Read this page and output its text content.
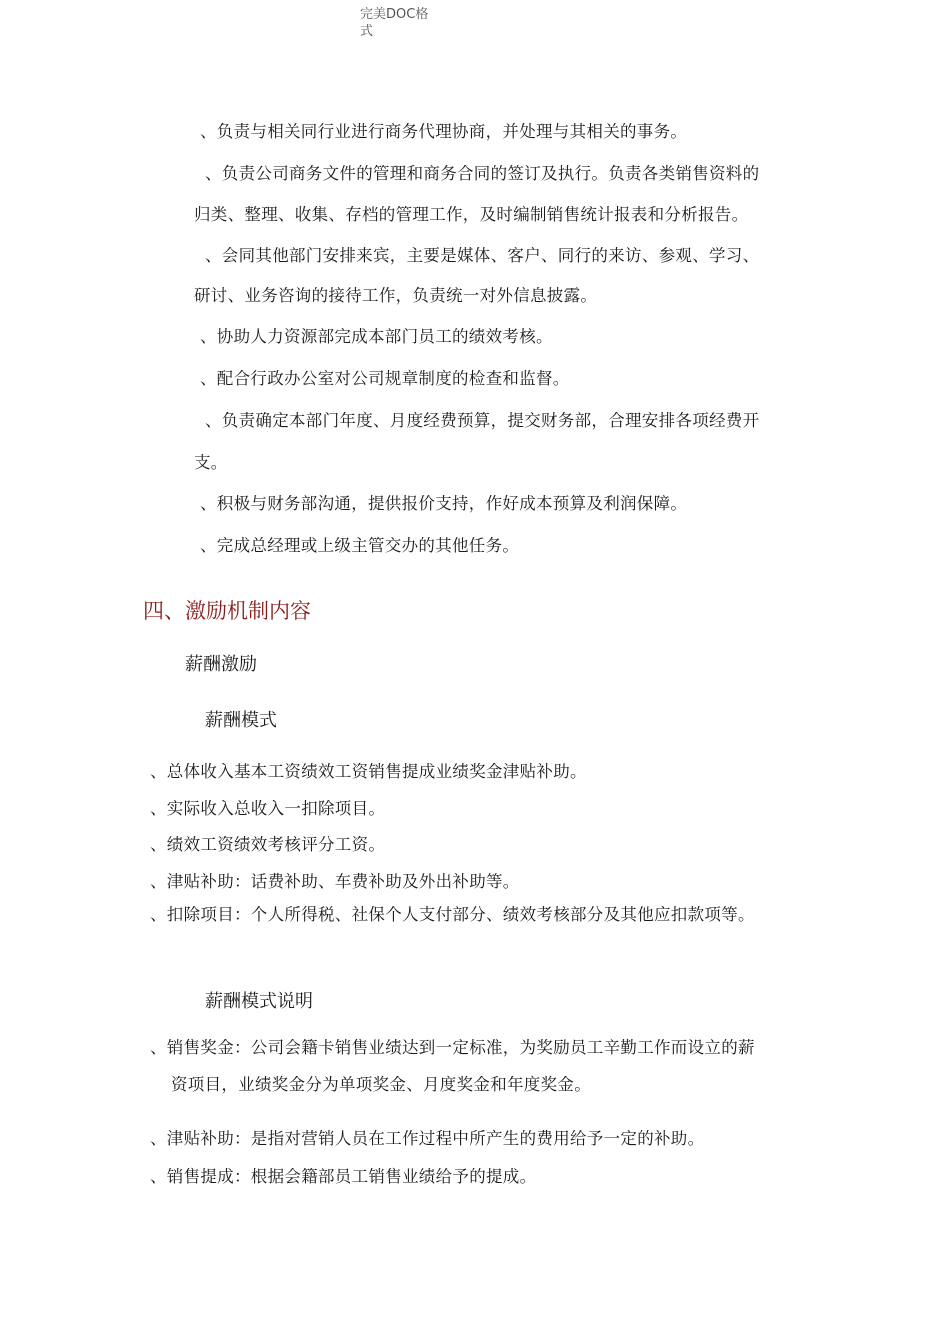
完美DOC格
式
、负责与相关同行业进行商务代理协商，并处理与其相关的事务。
、负责公司商务文件的管理和商务合同的签订及执行。负责各类销售资料的
归类、整理、收集、存档的管理工作，及时编制销售统计报表和分析报告。
、会同其他部门安排来宾，主要是媒体、客户、同行的来访、参观、学习、
研讨、业务咨询的接待工作，负责统一对外信息披露。
、协助人力资源部完成本部门员工的绩效考核。
、配合行政办公室对公司规章制度的检查和监督。
、负责确定本部门年度、月度经费预算，提交财务部，合理安排各项经费开
支。
、积极与财务部沟通，提供报价支持，作好成本预算及利润保障。
、完成总经理或上级主管交办的其他任务。
四、激励机制内容
薪酬激励
薪酬模式
、总体收入基本工资绩效工资销售提成业绩奖金津贴补助。
、实际收入总收入一扣除项目。
、绩效工资绩效考核评分工资。
、津贴补助：话费补助、车费补助及外出补助等。
、扣除项目：个人所得税、社保个人支付部分、绩效考核部分及其他应扣款项等。
薪酬模式说明
、销售奖金：公司会籍卡销售业绩达到一定标准，为奖励员工辛勤工作而设立的薪
资项目，业绩奖金分为单项奖金、月度奖金和年度奖金。
、津贴补助：是指对营销人员在工作过程中所产生的费用给予一定的补助。
、销售提成：根据会籍部员工销售业绩给予的提成。
